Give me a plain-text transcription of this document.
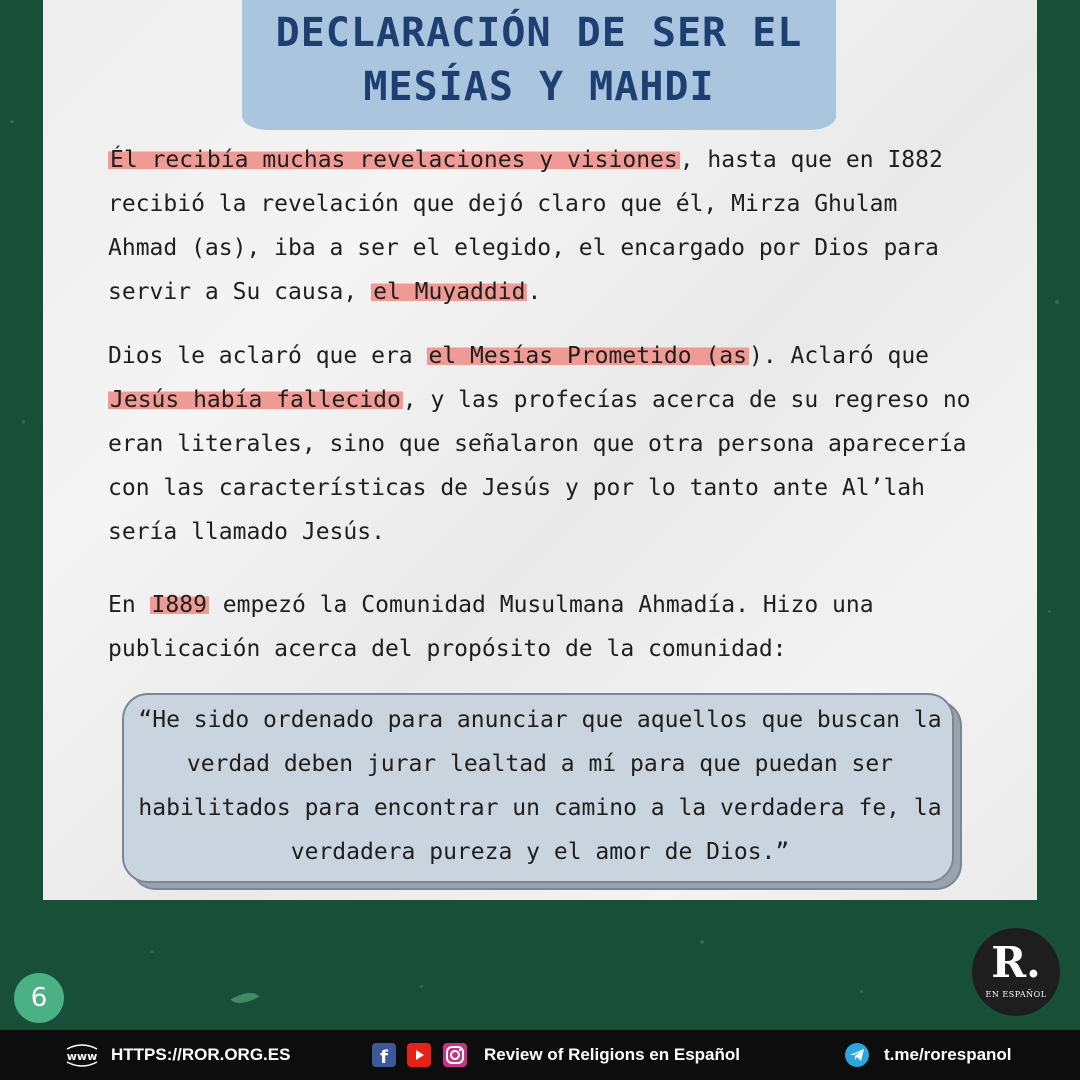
DECLARACIÓN DE SER EL
MESÍAS Y MAHDI

Él recibía muchas revelaciones y visiones, hasta que en I882 recibió la revelación que dejó claro que él, Mirza Ghulam Ahmad (as), iba a ser el elegido, el encargado por Dios para servir a Su causa, el Muyaddid.

Dios le aclaró que era el Mesías Prometido (as). Aclaró que Jesús había fallecido, y las profecías acerca de su regreso no eran literales, sino que señalaron que otra persona aparecería con las características de Jesús y por lo tanto ante Al’lah sería llamado Jesús.

En I889 empezó la Comunidad Musulmana Ahmadía. Hizo una publicación acerca del propósito de la comunidad:

“He sido ordenado para anunciar que aquellos que buscan la verdad deben jurar lealtad a mí para que puedan ser habilitados para encontrar un camino a la verdadera fe, la verdadera pureza y el amor de Dios.”

6
R.
EN ESPAÑOL
www HTTPS://ROR.ORG.ES	f	Review of Religions en Español	t.me/rorespanol
